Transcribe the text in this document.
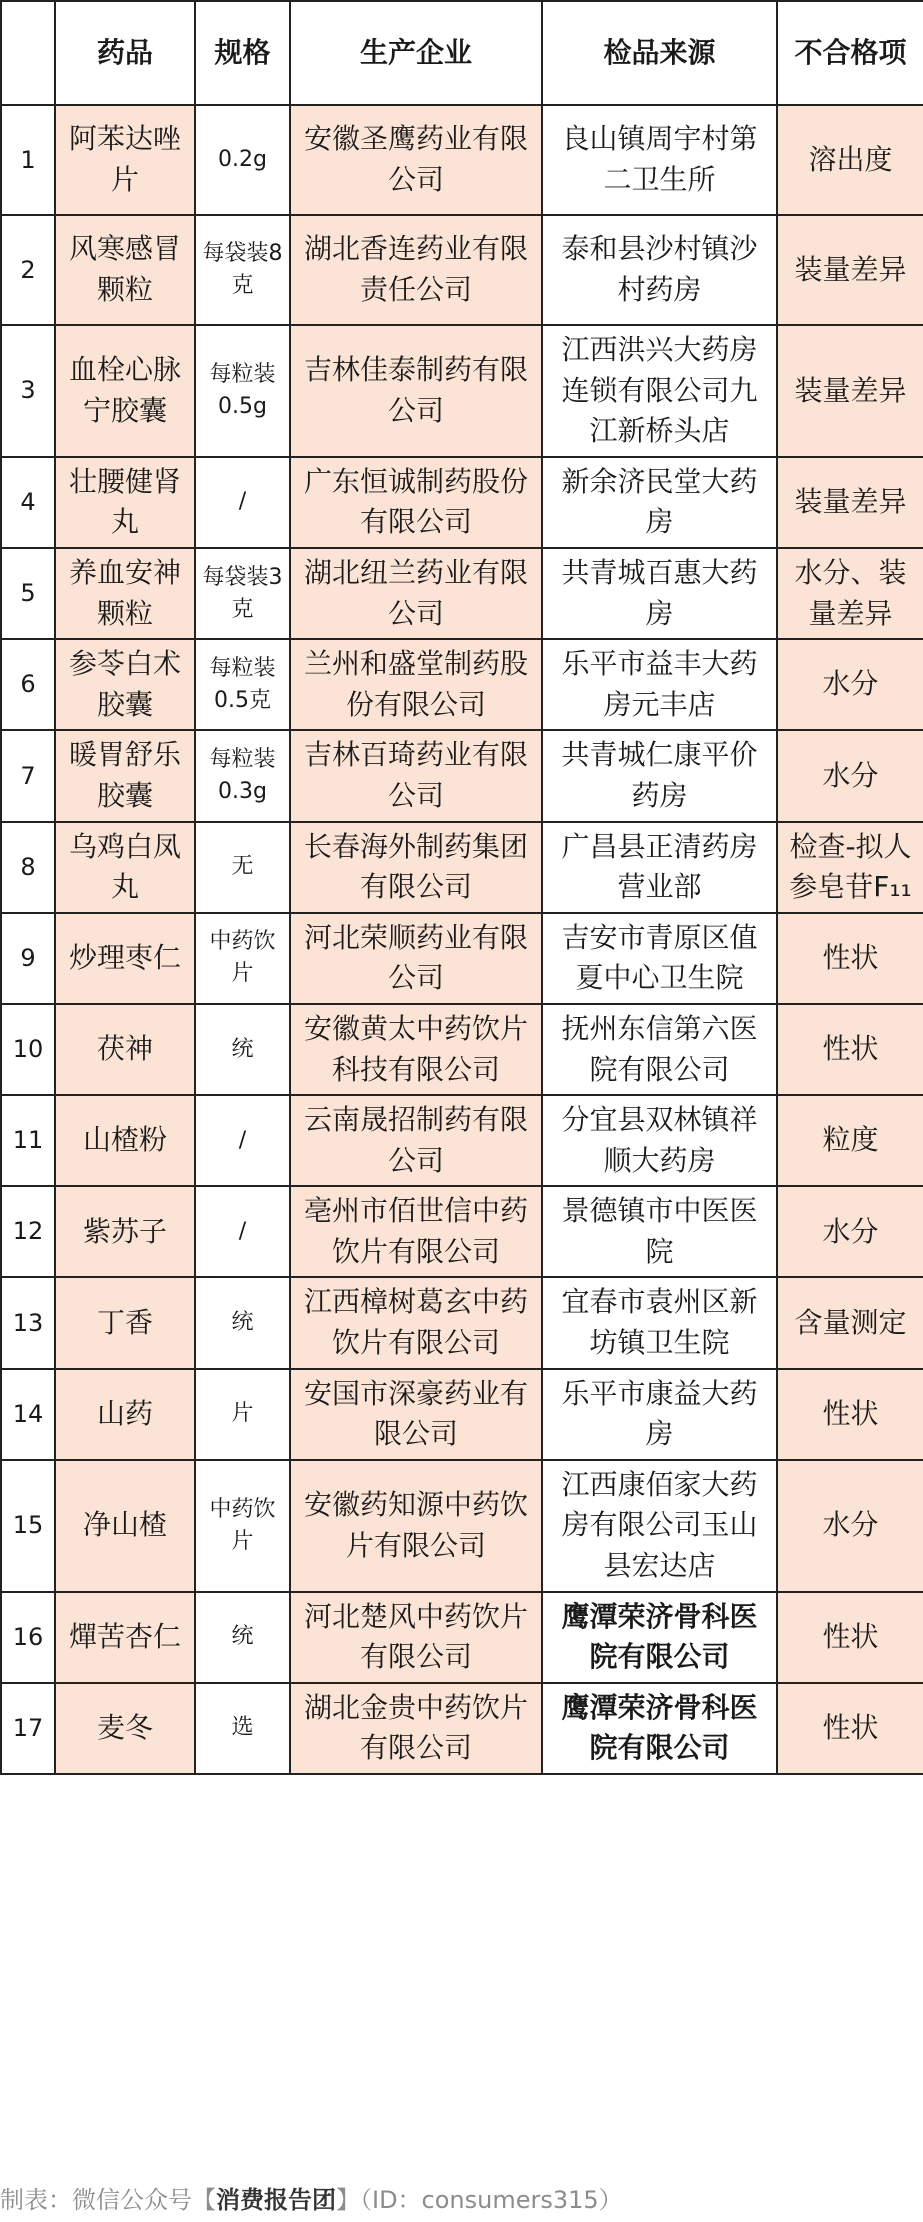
	药品	规格	生产企业	检品来源	不合格项
1	阿苯达唑片	0.2g	安徽圣鹰药业有限公司	良山镇周宇村第二卫生所	溶出度
2	风寒感冒颗粒	每袋装8克	湖北香连药业有限责任公司	泰和县沙村镇沙村药房	装量差异
3	血栓心脉宁胶囊	每粒装0.5g	吉林佳泰制药有限公司	江西洪兴大药房连锁有限公司九江新桥头店	装量差异
4	壮腰健肾丸	/	广东恒诚制药股份有限公司	新余济民堂大药房	装量差异
5	养血安神颗粒	每袋装3克	湖北纽兰药业有限公司	共青城百惠大药房	水分、装量差异
6	参苓白术胶囊	每粒装0.5克	兰州和盛堂制药股份有限公司	乐平市益丰大药房元丰店	水分
7	暖胃舒乐胶囊	每粒装0.3g	吉林百琦药业有限公司	共青城仁康平价药房	水分
8	乌鸡白凤丸	无	长春海外制药集团有限公司	广昌县正清药房营业部	检查-拟人参皂苷F₁₁
9	炒理枣仁	中药饮片	河北荣顺药业有限公司	吉安市青原区值夏中心卫生院	性状
10	茯神	统	安徽黄太中药饮片科技有限公司	抚州东信第六医院有限公司	性状
11	山楂粉	/	云南晟招制药有限公司	分宜县双林镇祥顺大药房	粒度
12	紫苏子	/	亳州市佰世信中药饮片有限公司	景德镇市中医医院	水分
13	丁香	统	江西樟树葛玄中药饮片有限公司	宜春市袁州区新坊镇卫生院	含量测定
14	山药	片	安国市深豪药业有限公司	乐平市康益大药房	性状
15	净山楂	中药饮片	安徽药知源中药饮片有限公司	江西康佰家大药房有限公司玉山县宏达店	水分
16	燀苦杏仁	统	河北楚风中药饮片有限公司	鹰潭荣济骨科医院有限公司	性状
17	麦冬	选	湖北金贵中药饮片有限公司	鹰潭荣济骨科医院有限公司	性状
制表：微信公众号【消费报告团】（ID：consumers315）
